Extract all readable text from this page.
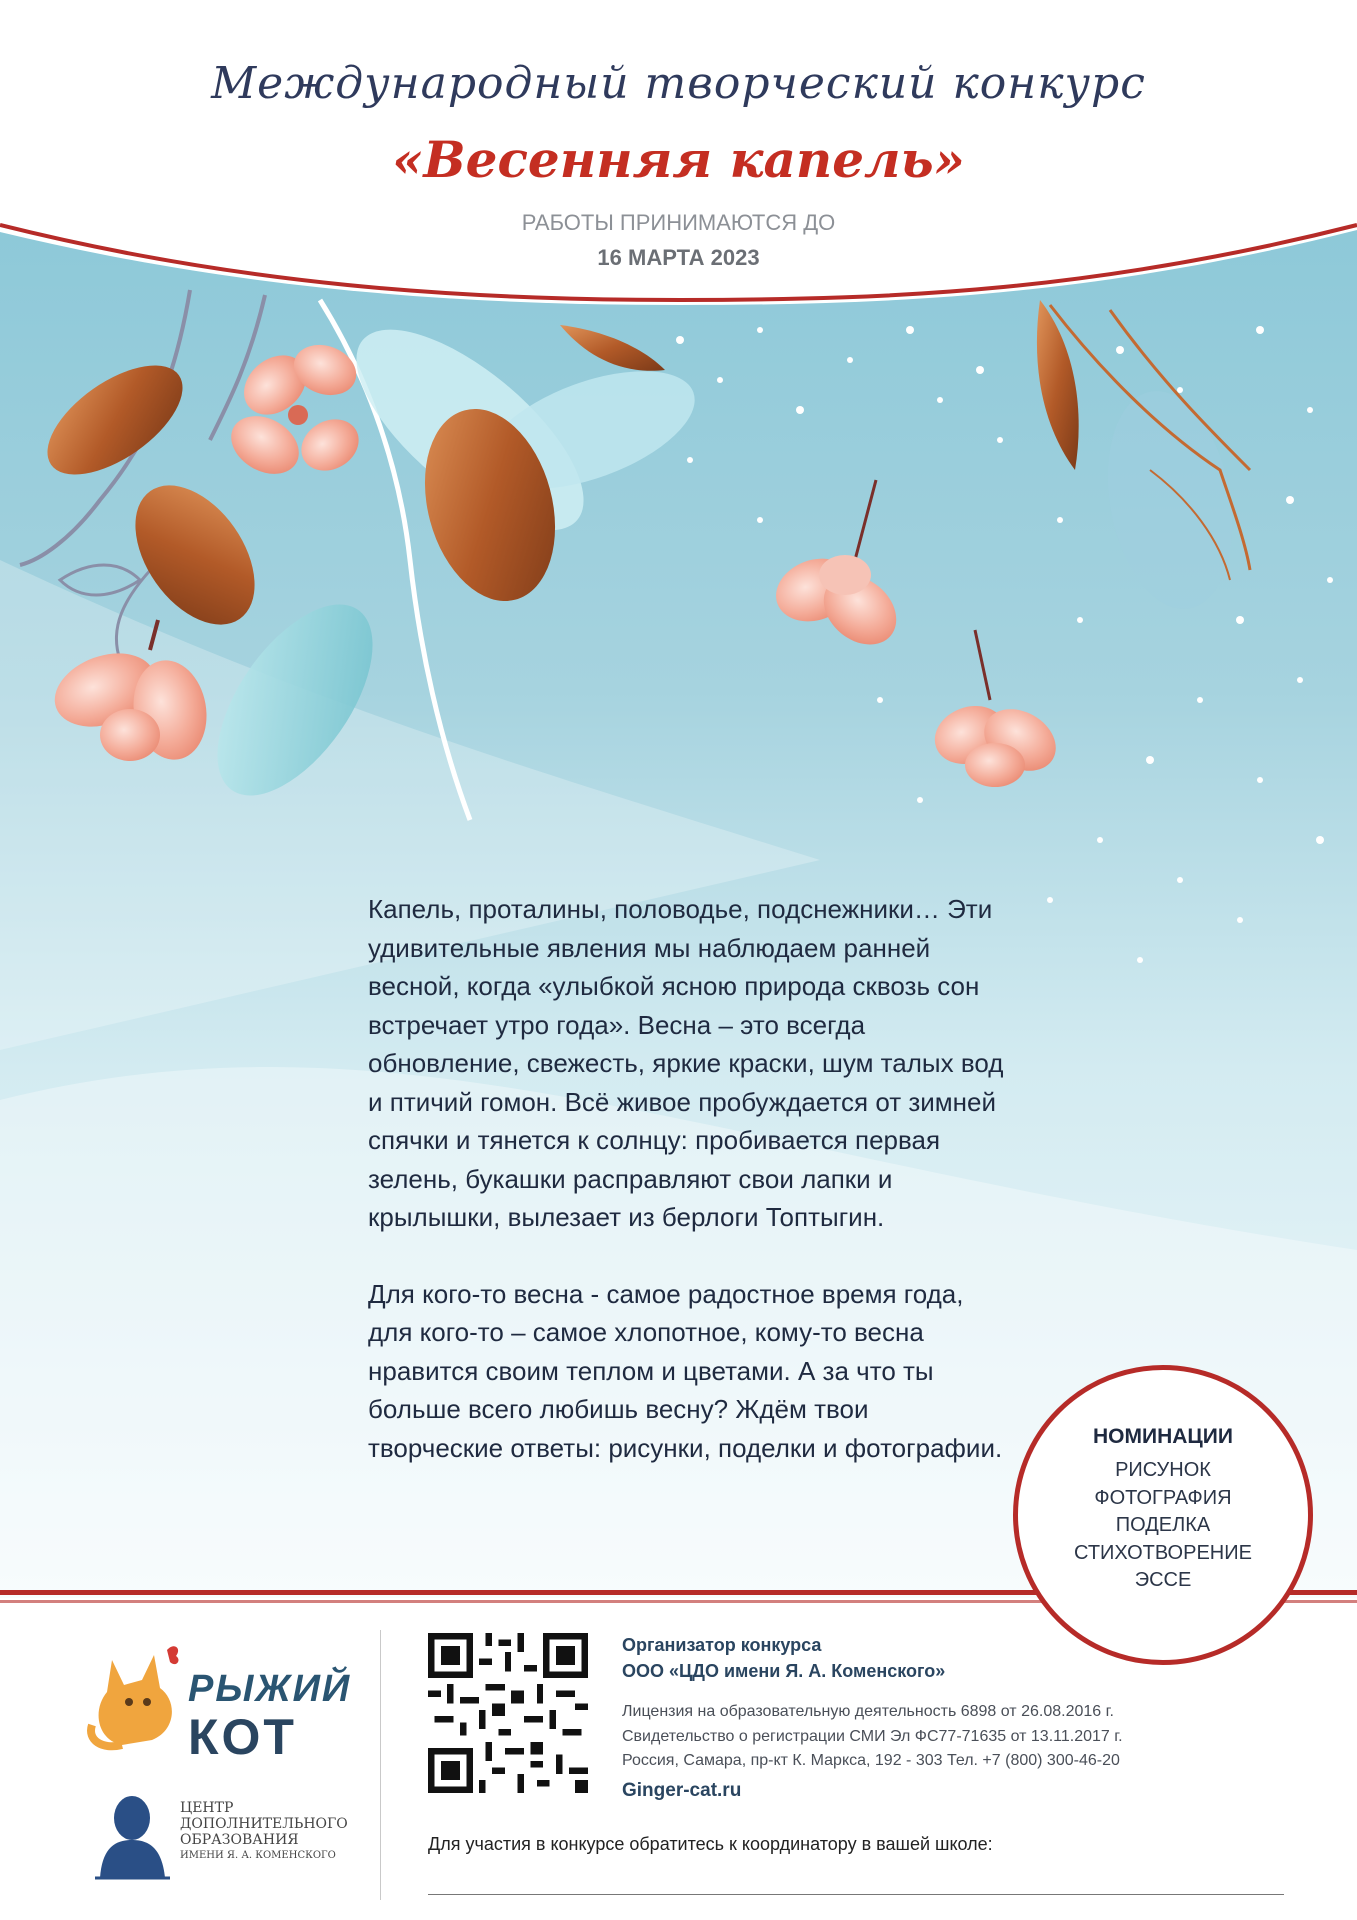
Международный творческий конкурс
«Весенняя капель»
РАБОТЫ ПРИНИМАЮТСЯ ДО
16 МАРТА 2023

Капель, проталины, половодье, подснежники… Эти удивительные явления мы наблюдаем ранней весной, когда «улыбкой ясною природа сквозь сон встречает утро года». Весна – это всегда обновление, свежесть, яркие краски, шум талых вод и птичий гомон. Всё живое пробуждается от зимней спячки и тянется к солнцу: пробивается первая зелень, букашки расправляют свои лапки и крылышки, вылезает из берлоги Топтыгин.

Для кого-то весна - самое радостное время года, для кого-то – самое хлопотное, кому-то весна нравится своим теплом и цветами. А за что ты больше всего любишь весну? Ждём твои творческие ответы: рисунки, поделки и фотографии.	НОМИНАЦИИ
РИСУНОК
ФОТОГРАФИЯ
ПОДЕЛКА
СТИХОТВОРЕНИЕ
ЭССЕ
РЫЖИЙ
КОТ
ЦЕНТР
ДОПОЛНИТЕЛЬНОГО
ОБРАЗОВАНИЯ
ИМЕНИ Я. А. КОМЕНСКОГО
Организатор конкурса
ООО «ЦДО имени Я. А. Коменского»
Лицензия на образовательную деятельность 6898 от 26.08.2016 г.
Свидетельство о регистрации СМИ Эл ФС77-71635 от 13.11.2017 г.
Россия, Самара, пр-кт К. Маркса, 192 - 303 Тел. +7 (800) 300-46-20
Ginger-cat.ru
Для участия в конкурсе обратитесь к координатору в вашей школе:
